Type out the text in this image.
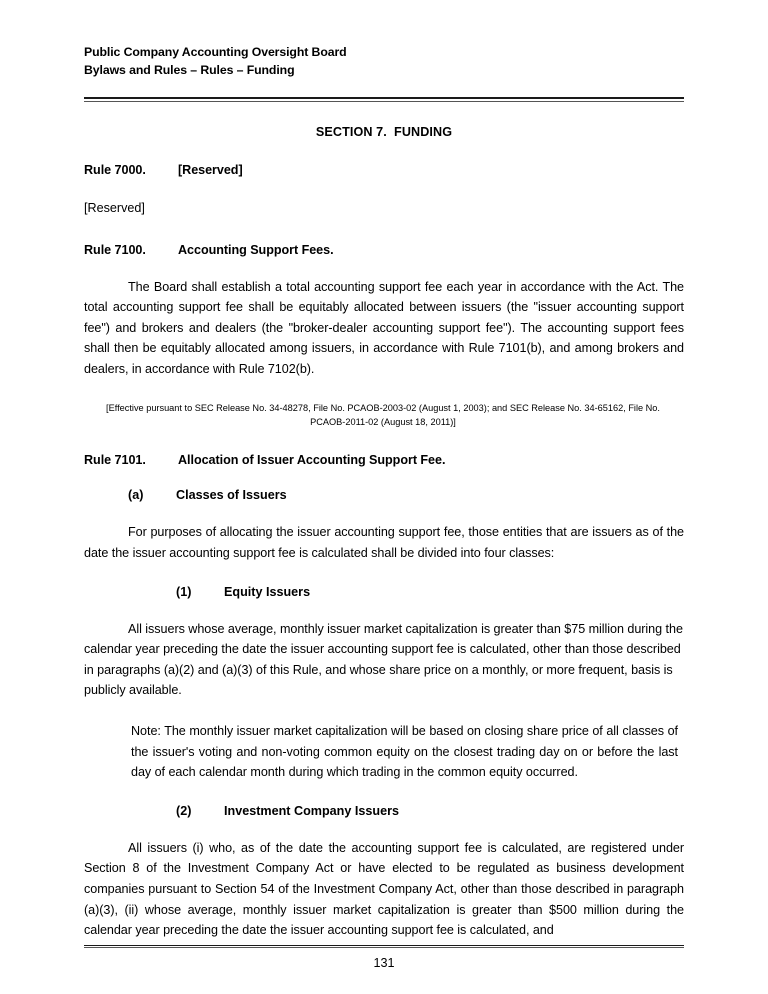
Public Company Accounting Oversight Board
Bylaws and Rules – Rules – Funding
SECTION 7.  FUNDING
Rule 7000.	[Reserved]
[Reserved]
Rule 7100.	Accounting Support Fees.
The Board shall establish a total accounting support fee each year in accordance with the Act. The total accounting support fee shall be equitably allocated between issuers (the "issuer accounting support fee") and brokers and dealers (the "broker-dealer accounting support fee"). The accounting support fees shall then be equitably allocated among issuers, in accordance with Rule 7101(b), and among brokers and dealers, in accordance with Rule 7102(b).
[Effective pursuant to SEC Release No. 34-48278, File No. PCAOB-2003-02 (August 1, 2003); and SEC Release No. 34-65162, File No. PCAOB-2011-02 (August 18, 2011)]
Rule 7101.	Allocation of Issuer Accounting Support Fee.
(a)	Classes of Issuers
For purposes of allocating the issuer accounting support fee, those entities that are issuers as of the date the issuer accounting support fee is calculated shall be divided into four classes:
(1)	Equity Issuers
All issuers whose average, monthly issuer market capitalization is greater than $75 million during the calendar year preceding the date the issuer accounting support fee is calculated, other than those described in paragraphs (a)(2) and (a)(3) of this Rule, and whose share price on a monthly, or more frequent, basis is publicly available.
Note: The monthly issuer market capitalization will be based on closing share price of all classes of the issuer's voting and non-voting common equity on the closest trading day on or before the last day of each calendar month during which trading in the common equity occurred.
(2)	Investment Company Issuers
All issuers (i) who, as of the date the accounting support fee is calculated, are registered under Section 8 of the Investment Company Act or have elected to be regulated as business development companies pursuant to Section 54 of the Investment Company Act, other than those described in paragraph (a)(3), (ii) whose average, monthly issuer market capitalization is greater than $500 million during the calendar year preceding the date the issuer accounting support fee is calculated, and
131
